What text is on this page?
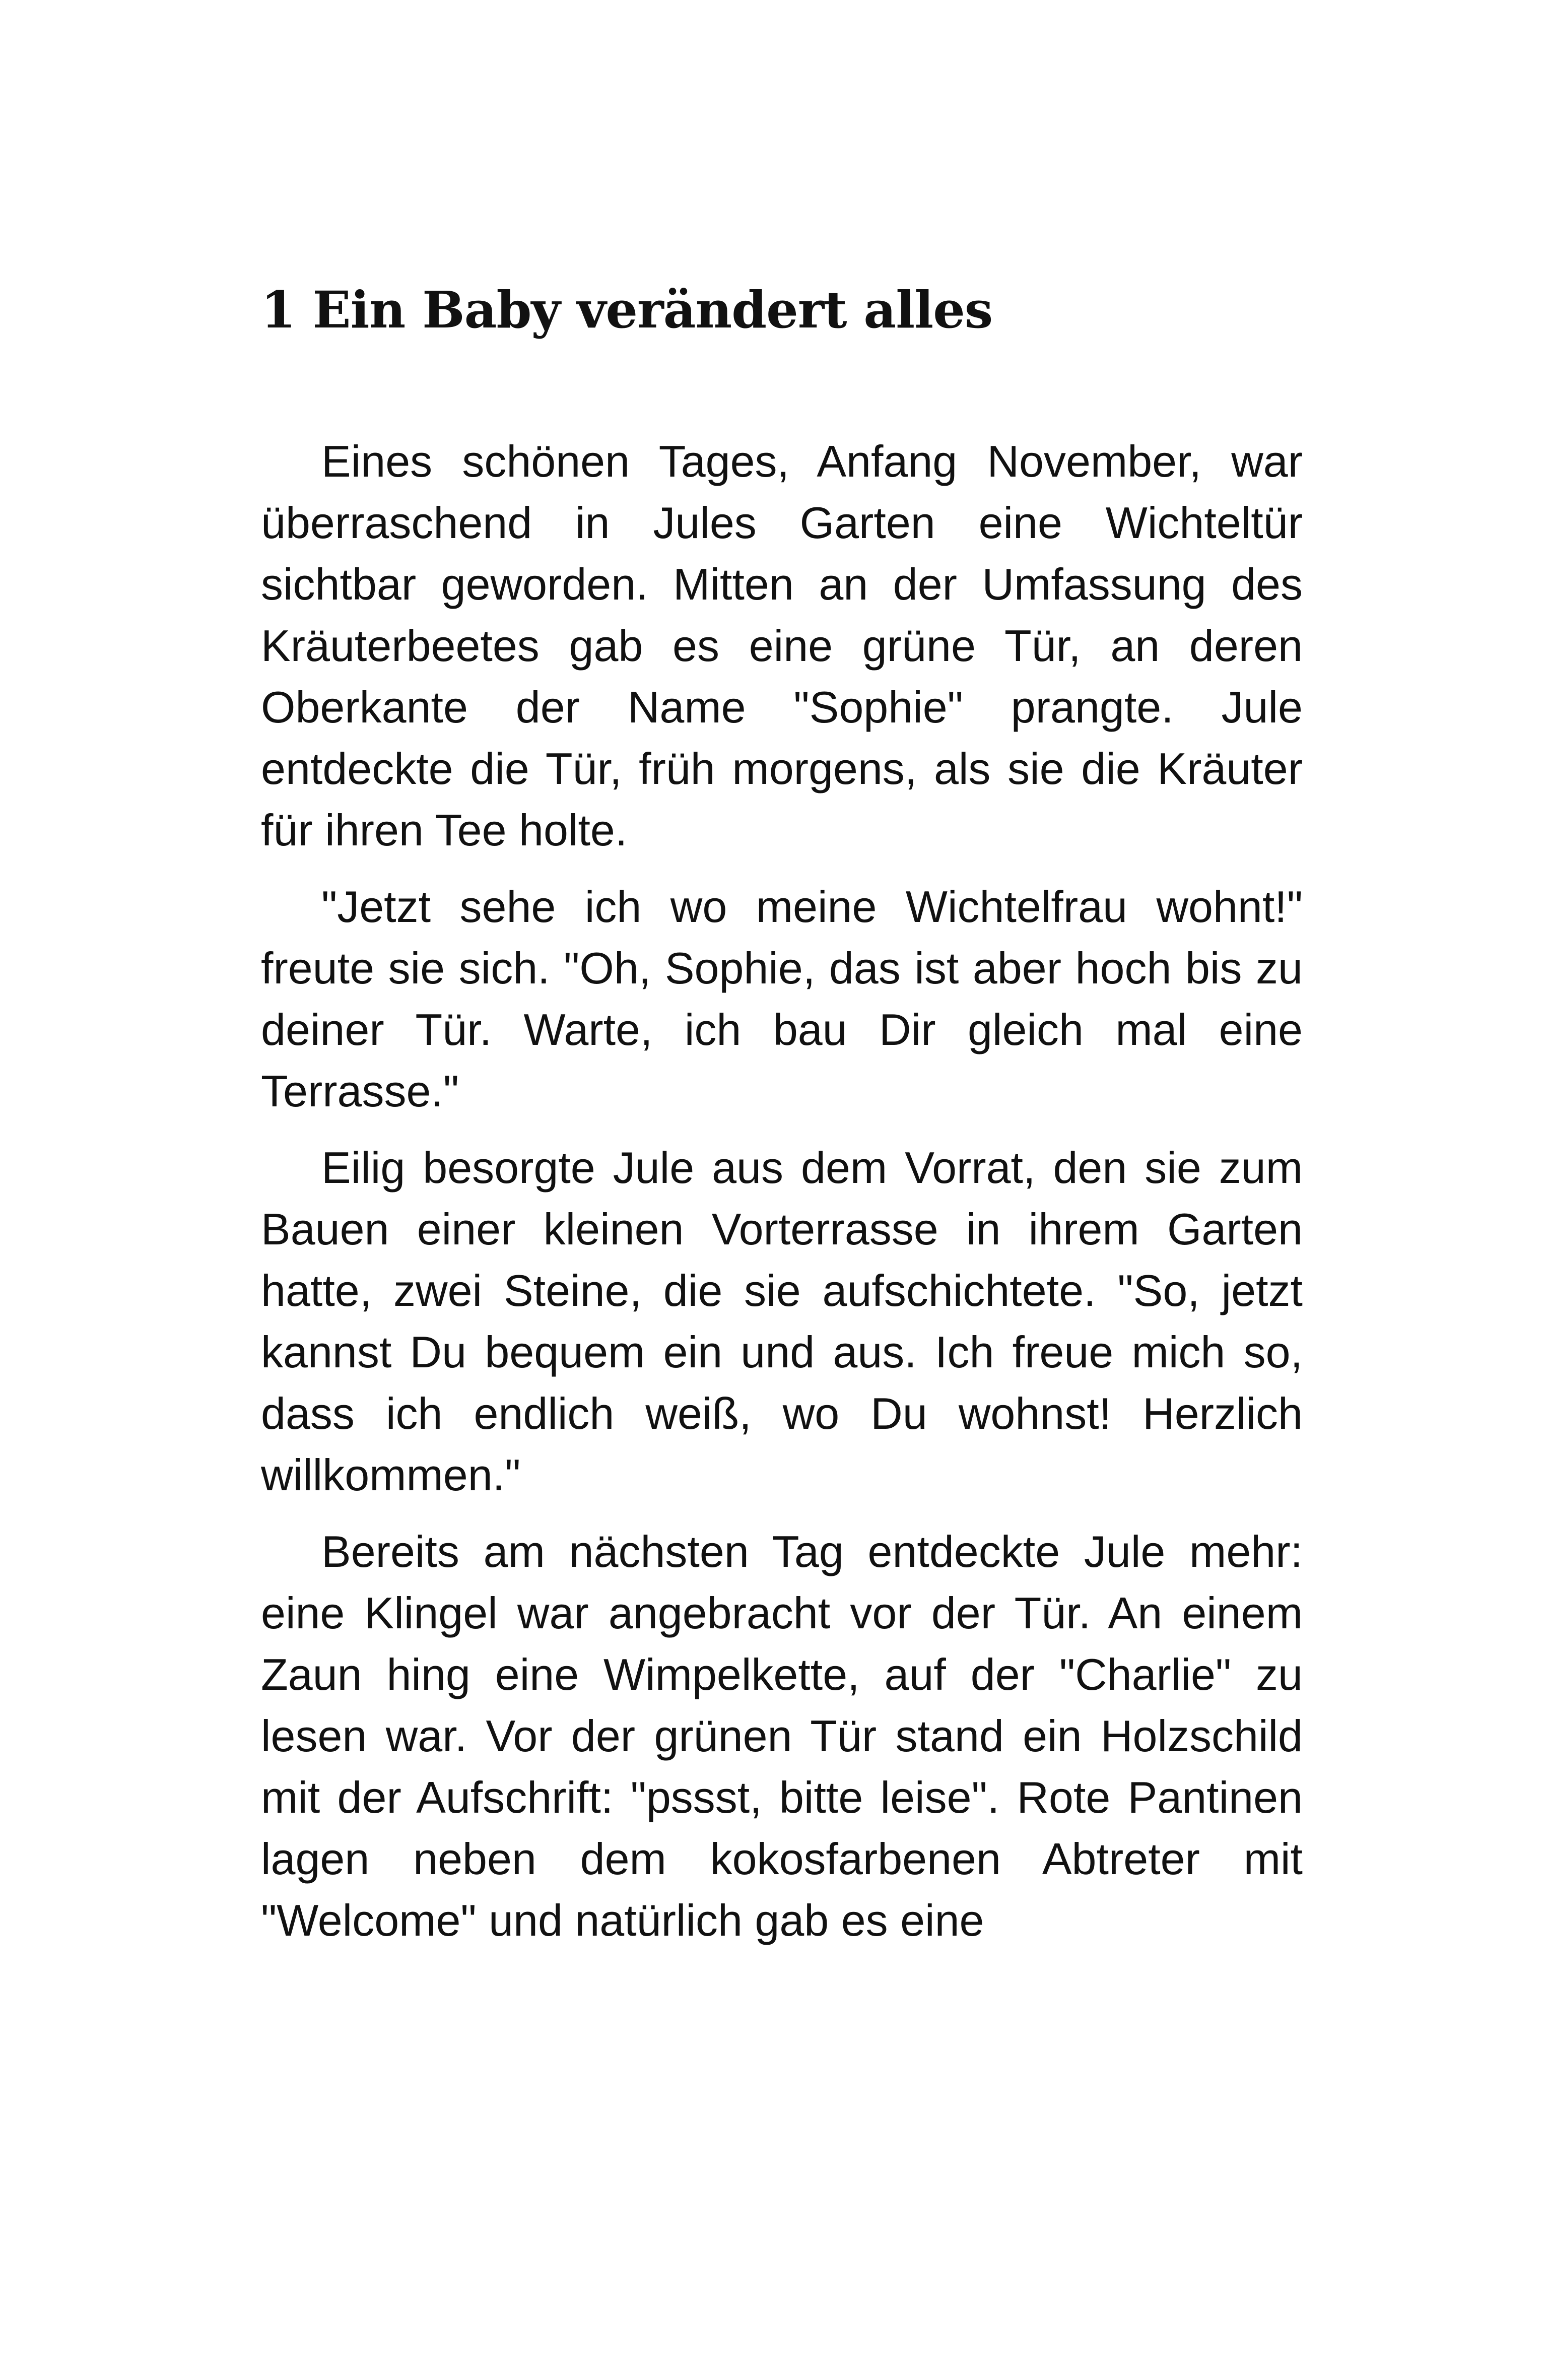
1 Ein Baby verändert alles

Eines schönen Tages, Anfang November, war überraschend in Jules Garten eine Wichteltür sichtbar geworden. Mitten an der Umfassung des Kräuterbeetes gab es eine grüne Tür, an deren Oberkante der Name "Sophie" prangte. Jule entdeckte die Tür, früh morgens, als sie die Kräuter für ihren Tee holte.

"Jetzt sehe ich wo meine Wichtelfrau wohnt!" freute sie sich. "Oh, Sophie, das ist aber hoch bis zu deiner Tür. Warte, ich bau Dir gleich mal eine Terrasse."

Eilig besorgte Jule aus dem Vorrat, den sie zum Bauen einer kleinen Vorterrasse in ihrem Garten hatte, zwei Steine, die sie aufschichtete. "So, jetzt kannst Du bequem ein und aus. Ich freue mich so, dass ich endlich weiß, wo Du wohnst! Herzlich willkommen."

Bereits am nächsten Tag entdeckte Jule mehr: eine Klingel war angebracht vor der Tür. An einem Zaun hing eine Wimpelkette, auf der "Charlie" zu lesen war. Vor der grünen Tür stand ein Holzschild mit der Aufschrift: "pssst, bitte leise". Rote Pantinen lagen neben dem kokosfarbenen Abtreter mit "Welcome" und natürlich gab es eine
